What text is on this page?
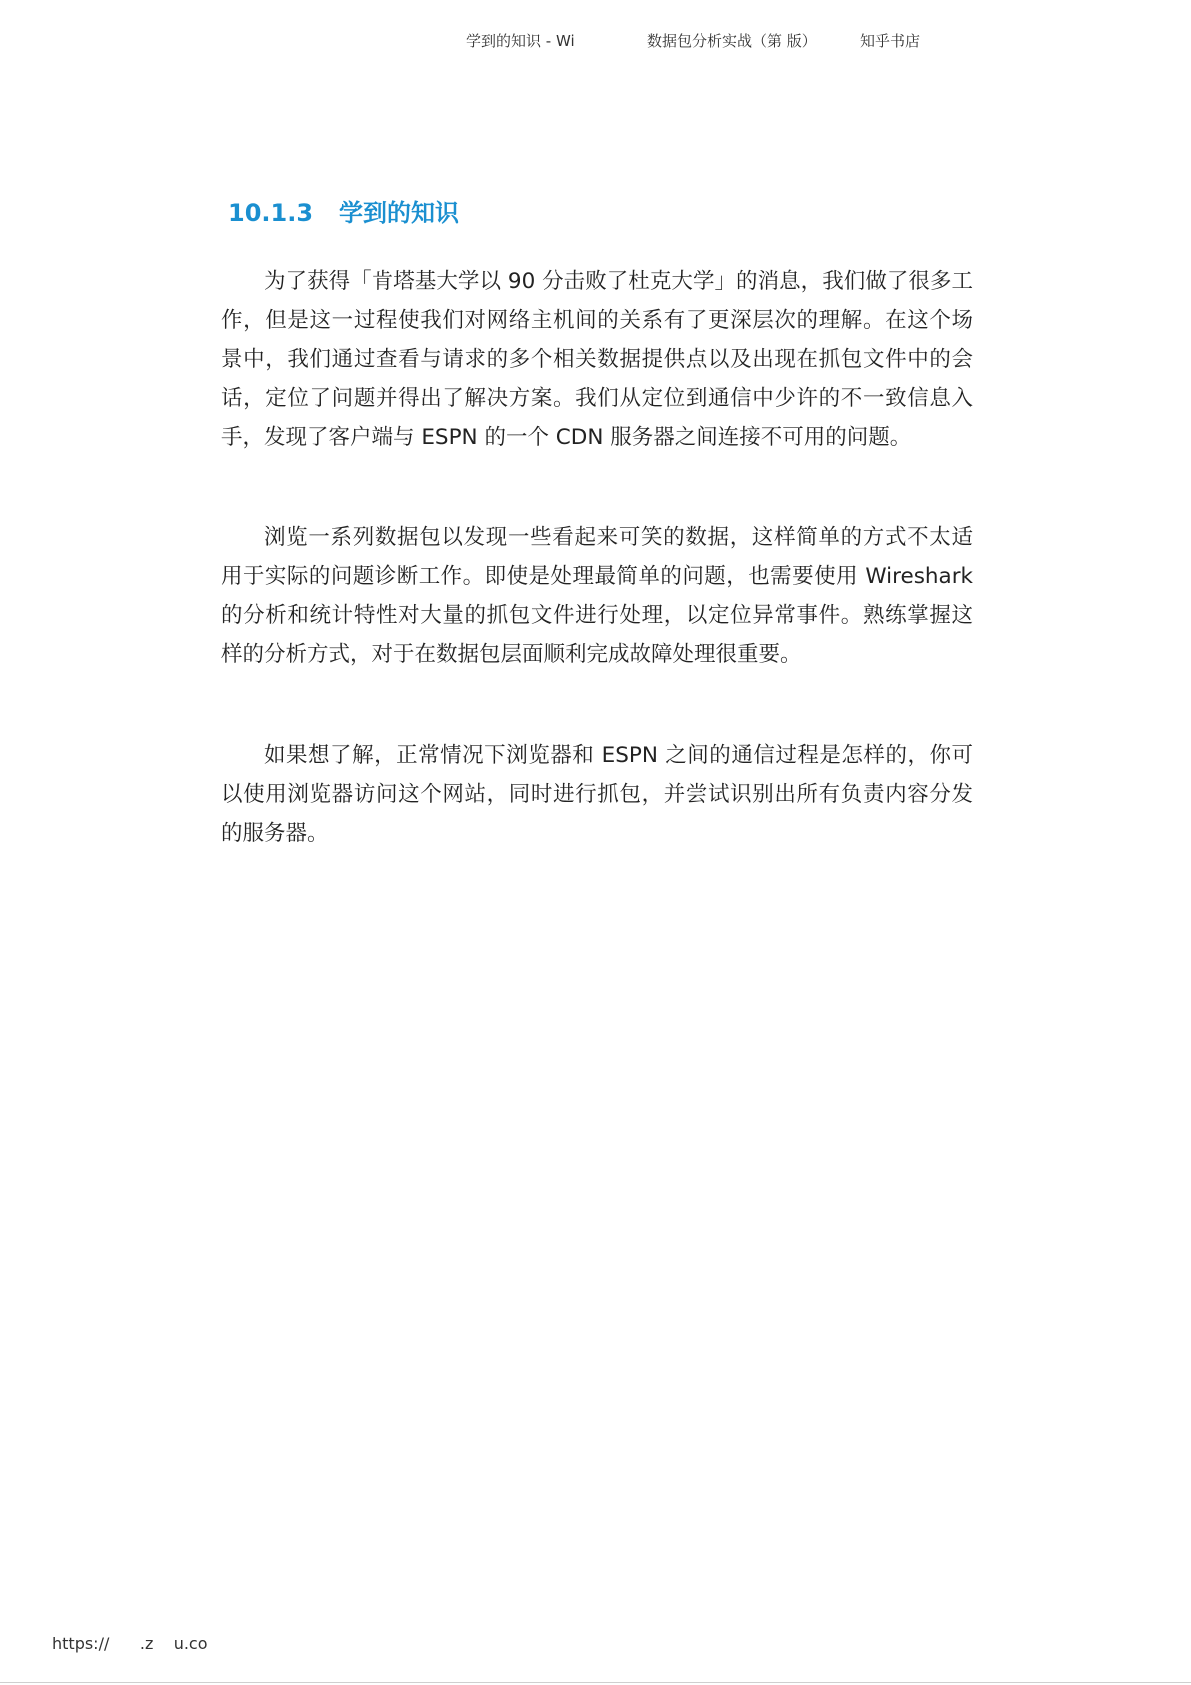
学到的知识 - Wi	数据包分析实战（第 版）	知乎书店
10.1.3 学到的知识

为了获得「肯塔基大学以 90 分击败了杜克大学」的消息，我们做了很多工作，但是这一过程使我们对网络主机间的关系有了更深层次的理解。在这个场景中，我们通过查看与请求的多个相关数据提供点以及出现在抓包文件中的会话，定位了问题并得出了解决方案。我们从定位到通信中少许的不一致信息入手，发现了客户端与 ESPN 的一个 CDN 服务器之间连接不可用的问题。

浏览一系列数据包以发现一些看起来可笑的数据，这样简单的方式不太适用于实际的问题诊断工作。即使是处理最简单的问题，也需要使用 Wireshark 的分析和统计特性对大量的抓包文件进行处理，以定位异常事件。熟练掌握这样的分析方式，对于在数据包层面顺利完成故障处理很重要。

如果想了解，正常情况下浏览器和 ESPN 之间的通信过程是怎样的，你可以使用浏览器访问这个网站，同时进行抓包，并尝试识别出所有负责内容分发的服务器。

https://      .z    u.co
